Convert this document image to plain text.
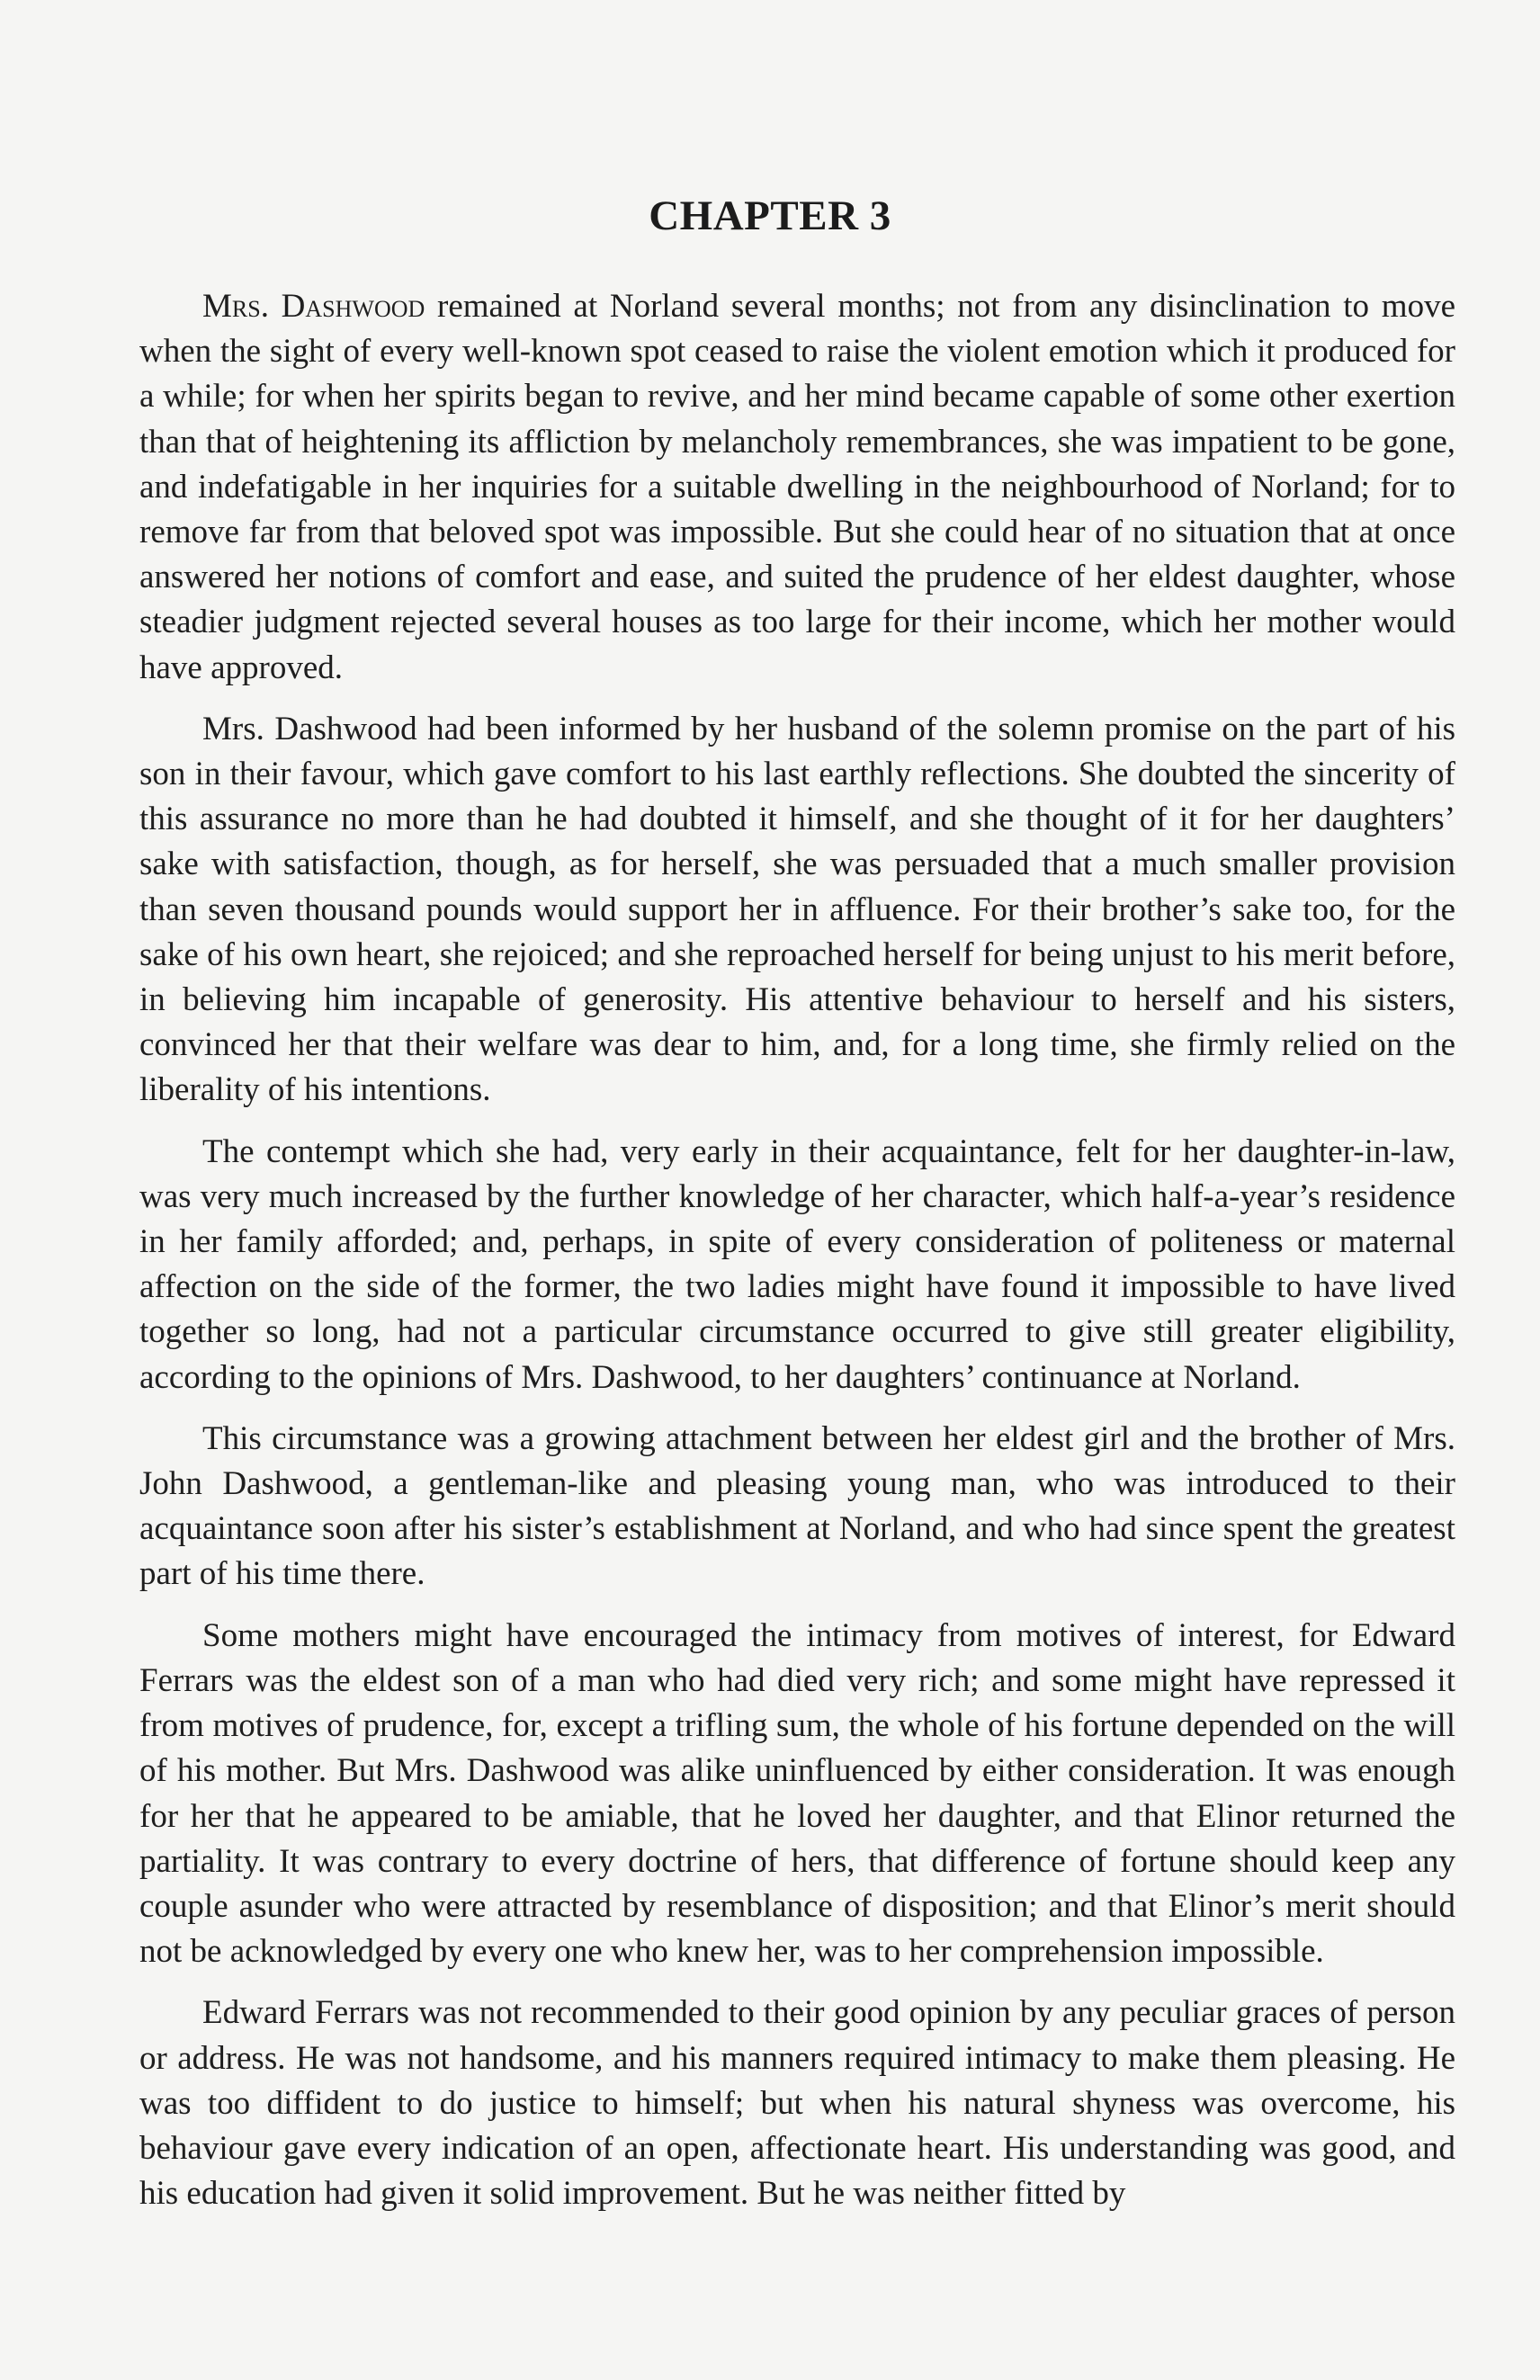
CHAPTER 3

Mrs. Dashwood remained at Norland several months; not from any disinclination to move when the sight of every well-known spot ceased to raise the violent emotion which it produced for a while; for when her spirits began to revive, and her mind became capable of some other exertion than that of heightening its affliction by melancholy remembrances, she was impatient to be gone, and indefatigable in her inquiries for a suitable dwelling in the neighbourhood of Norland; for to remove far from that beloved spot was impossible. But she could hear of no situation that at once answered her notions of comfort and ease, and suited the prudence of her eldest daughter, whose steadier judgment rejected several houses as too large for their income, which her mother would have approved.

Mrs. Dashwood had been informed by her husband of the solemn promise on the part of his son in their favour, which gave comfort to his last earthly reflections. She doubted the sincerity of this assurance no more than he had doubted it himself, and she thought of it for her daughters’ sake with satisfaction, though, as for herself, she was persuaded that a much smaller provision than seven thousand pounds would support her in affluence. For their brother’s sake too, for the sake of his own heart, she rejoiced; and she reproached herself for being unjust to his merit before, in believing him incapable of generosity. His attentive behaviour to herself and his sisters, convinced her that their welfare was dear to him, and, for a long time, she firmly relied on the liberality of his intentions.

The contempt which she had, very early in their acquaintance, felt for her daughter-in-law, was very much increased by the further knowledge of her character, which half-a-year’s residence in her family afforded; and, perhaps, in spite of every consideration of politeness or maternal affection on the side of the former, the two ladies might have found it impossible to have lived together so long, had not a particular circumstance occurred to give still greater eligibility, according to the opinions of Mrs. Dashwood, to her daughters’ continuance at Norland.

This circumstance was a growing attachment between her eldest girl and the brother of Mrs. John Dashwood, a gentleman-like and pleasing young man, who was introduced to their acquaintance soon after his sister’s establishment at Norland, and who had since spent the greatest part of his time there.

Some mothers might have encouraged the intimacy from motives of interest, for Edward Ferrars was the eldest son of a man who had died very rich; and some might have repressed it from motives of prudence, for, except a trifling sum, the whole of his fortune depended on the will of his mother. But Mrs. Dashwood was alike uninfluenced by either consideration. It was enough for her that he appeared to be amiable, that he loved her daughter, and that Elinor returned the partiality. It was contrary to every doctrine of hers, that difference of fortune should keep any couple asunder who were attracted by resemblance of disposition; and that Elinor’s merit should not be acknowledged by every one who knew her, was to her comprehension impossible.

Edward Ferrars was not recommended to their good opinion by any peculiar graces of person or address. He was not handsome, and his manners required intimacy to make them pleasing. He was too diffident to do justice to himself; but when his natural shyness was overcome, his behaviour gave every indication of an open, affectionate heart. His understanding was good, and his education had given it solid improvement. But he was neither fitted by
